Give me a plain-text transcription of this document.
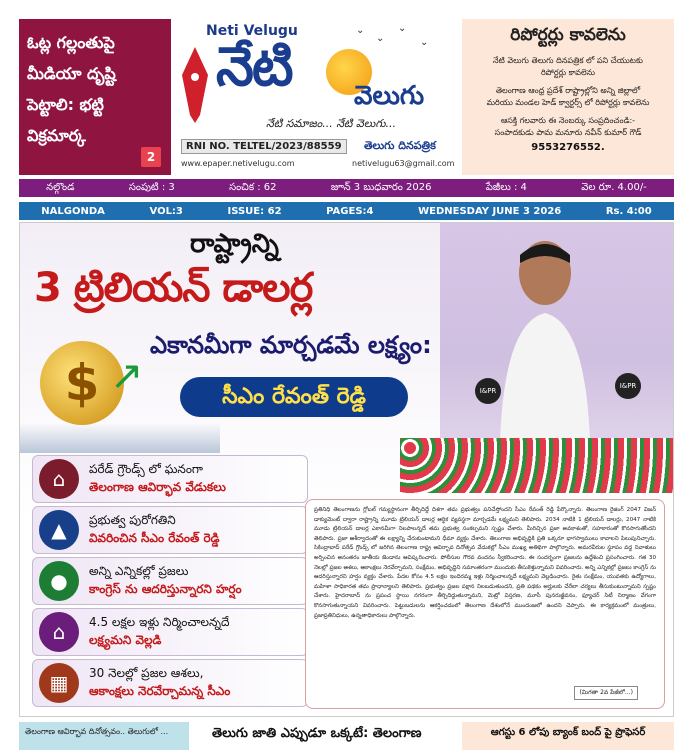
ఓట్ల గల్లంతుపై మీడియా దృష్టి పెట్టాలి: భట్టి విక్రమార్క
2
Neti Velugu
నేటి వెలుగు
⌄
⌄
⌄
⌄
నేటి సమాజం... నేటి వెలుగు...
RNI NO. TELTEL/2023/88559	తెలుగు దినపత్రిక
www.epaper.netivelugu.com	netivelugu63@gmail.com
రిపోర్టర్లు కావలెను
నేటి వెలుగు తెలుగు దినపత్రిక లో పని చేయుటకు
రిపోర్టర్లు కావలెను
తెలంగాణ ఆంధ్ర ప్రదేశ్ రాష్ట్రాల్లోని అన్ని జిల్లాలో
మరియు మండల హెడ్ క్వార్టర్స్ లో రిపోర్టర్లు కావలెను
ఆసక్తి గలవారు ఈ నెంబర్కు సంప్రదించండి:-
సంపాదకుడు పామ మనూరు నవీన్ కుమార్ గౌడ్
9553276552.
నల్గొండ	సంపుటి : 3	సంచిక : 62	జూన్ 3 బుధవారం 2026	పేజీలు : 4	వెల రూ. 4.00/-
NALGONDA	VOL:3	ISSUE: 62	PAGES:4	WEDNESDAY JUNE 3 2026	Rs. 4:00
I&PR
I&PR
రాష్ట్రాన్ని
3 ట్రిలియన్ డాలర్ల
ఎకానమీగా మార్చడమే లక్ష్యం:
సీఎం రేవంత్ రెడ్డి
$ ↗
⌂	పరేడ్ గ్రౌండ్స్ లో ఘనంగా
తెలంగాణ ఆవిర్భావ వేడుకలు
▲	ప్రభుత్వ పురోగతిని
వివరించిన సీఎం రేవంత్ రెడ్డి
●	అన్ని ఎన్నికల్లో ప్రజలు
కాంగ్రెస్ ను ఆదరిస్తున్నారని హర్షం
⌂	4.5 లక్షల ఇళ్లు నిర్మించాలన్నదే
లక్ష్యమని వెల్లడి
▦	30 నెలల్లో ప్రజల ఆశలు,
ఆకాంక్షలు నెరవేర్చామన్న సీఎం
ప్రతినిధి తెలంగాణను గ్లోబల్ గమ్యస్థానంగా తీర్చిదిద్దే దిశగా తమ ప్రభుత్వం పనిచేస్తోందని సీఎం రేవంత్ రెడ్డి పేర్కొన్నారు. తెలంగాణ రైజింగ్ 2047 విజన్ డాక్యుమెంట్ ద్వారా రాష్ట్రాన్ని మూడు ట్రిలియన్ డాలర్ల ఆర్థిక వ్యవస్థగా మార్చడమే లక్ష్యమని తెలిపారు. 2034 నాటికి 1 ట్రిలియన్ డాలర్లు, 2047 నాటికి మూడు ట్రిలియన్ డాలర్ల ఎకానమీగా నిలపాలన్నదే తమ ప్రభుత్వ సంకల్పమని స్పష్టం చేశారు. మీరిచ్చిన ప్రజా అవకాశంతో, సహకారంతో కొనసాగుతోందని తెలిపారు. ప్రజా ఆశీర్వాదంతో ఈ లక్ష్యాన్ని చేరుకుంటామని ధీమా వ్యక్తం చేశారు. తెలంగాణ అభివృద్ధికి ప్రతి ఒక్కరూ భాగస్వాములు కావాలని పిలుపునిచ్చారు. సికింద్రాబాద్ పరేడ్ గ్రౌండ్స్ లో జరిగిన తెలంగాణ రాష్ట్ర ఆవిర్భావ దినోత్సవ వేడుకల్లో సీఎం ముఖ్య అతిథిగా పాల్గొన్నారు. అమరవీరుల స్థూపం వద్ద నివాళులు అర్పించిన అనంతరం జాతీయ జెండాను ఆవిష్కరించారు. పోలీసుల గౌరవ వందనం స్వీకరించారు. ఈ సందర్భంగా ప్రజలను ఉద్దేశించి ప్రసంగించారు. గత 30 నెలల్లో ప్రజల ఆశలు, ఆకాంక్షలు నెరవేర్చామని, సంక్షేమం, అభివృద్ధిని సమాంతరంగా ముందుకు తీసుకెళ్తున్నామని వివరించారు. అన్ని ఎన్నికల్లో ప్రజలు కాంగ్రెస్ ను ఆదరిస్తున్నారని హర్షం వ్యక్తం చేశారు. పేదల కోసం 4.5 లక్షల ఇందిరమ్మ ఇళ్లు నిర్మించాలన్నదే లక్ష్యమని వెల్లడించారు. రైతు సంక్షేమం, యువతకు ఉద్యోగాలు, మహిళా సాధికారత తమ ప్రాధాన్యాలని తెలిపారు. ప్రభుత్వం ప్రజల పక్షాన నిలబడుతుందని, ప్రతి పథకం అర్హులకు చేరేలా చర్యలు తీసుకుంటున్నామని స్పష్టం చేశారు. హైదరాబాద్ ను ప్రపంచ స్థాయి నగరంగా తీర్చిదిద్దుతున్నామని, మెట్రో విస్తరణ, మూసీ పునరుజ్జీవనం, ఫ్యూచర్ సిటీ నిర్మాణం వేగంగా కొనసాగుతున్నాయని వివరించారు. పెట్టుబడులను ఆకర్షించడంలో తెలంగాణ దేశంలోనే ముందంజలో ఉందని చెప్పారు. ఈ కార్యక్రమంలో మంత్రులు, ప్రజాప్రతినిధులు, ఉన్నతాధికారులు పాల్గొన్నారు.
(మిగతా 2వ పేజీలో...)
తెలంగాణ ఆవిర్భావ దినోత్సవం.. తెలుగులో ...	తెలుగు జాతి ఎప్పుడూ ఒక్కటే: తెలంగాణ	ఆగస్టు 6 లోపు బ్యాంక్ బంద్ పై ప్రొఫెసర్
